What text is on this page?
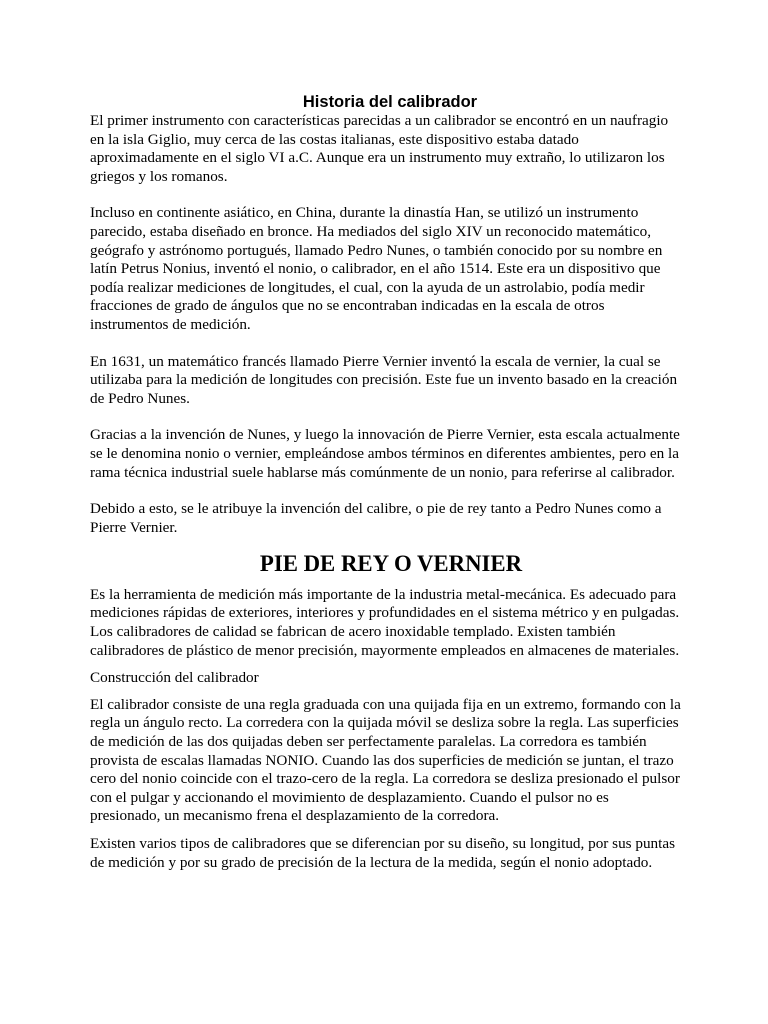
Historia del calibrador

El primer instrumento con características parecidas a un calibrador se encontró en un naufragio en la isla Giglio, muy cerca de las costas italianas, este dispositivo estaba datado aproximadamente en el siglo VI a.C. Aunque era un instrumento muy extraño, lo utilizaron los griegos y los romanos.

Incluso en continente asiático, en China, durante la dinastía Han, se utilizó un instrumento parecido, estaba diseñado en bronce. Ha mediados del siglo XIV un reconocido matemático, geógrafo y astrónomo portugués, llamado Pedro Nunes, o también conocido por su nombre en latín Petrus Nonius, inventó el nonio, o calibrador, en el año 1514. Este era un dispositivo que podía realizar mediciones de longitudes, el cual, con la ayuda de un astrolabio, podía medir fracciones de grado de ángulos que no se encontraban indicadas en la escala de otros instrumentos de medición.

En 1631, un matemático francés llamado Pierre Vernier inventó la escala de vernier, la cual se utilizaba para la medición de longitudes con precisión. Este fue un invento basado en la creación de Pedro Nunes.

Gracias a la invención de Nunes, y luego la innovación de Pierre Vernier, esta escala actualmente se le denomina nonio o vernier, empleándose ambos términos en diferentes ambientes, pero en la rama técnica industrial suele hablarse más comúnmente de un nonio, para referirse al calibrador.

Debido a esto, se le atribuye la invención del calibre, o pie de rey tanto a Pedro Nunes como a Pierre Vernier.

PIE DE REY O VERNIER

Es la herramienta de medición más importante de la industria metal-mecánica. Es adecuado para mediciones rápidas de exteriores, interiores y profundidades en el sistema métrico y en pulgadas. Los calibradores de calidad se fabrican de acero inoxidable templado. Existen también calibradores de plástico de menor precisión, mayormente empleados en almacenes de materiales.

Construcción del calibrador

El calibrador consiste de una regla graduada con una quijada fija en un extremo, formando con la regla un ángulo recto. La corredera con la quijada móvil se desliza sobre la regla. Las superficies de medición de las dos quijadas deben ser perfectamente paralelas. La corredora es también provista de escalas llamadas NONIO. Cuando las dos superficies de medición se juntan, el trazo cero del nonio coincide con el trazo-cero de la regla. La corredora se desliza presionado el pulsor con el pulgar y accionando el movimiento de desplazamiento. Cuando el pulsor no es presionado, un mecanismo frena el desplazamiento de la corredora.

Existen varios tipos de calibradores que se diferencian por su diseño, su longitud, por sus puntas de medición y por su grado de precisión de la lectura de la medida, según el nonio adoptado.
